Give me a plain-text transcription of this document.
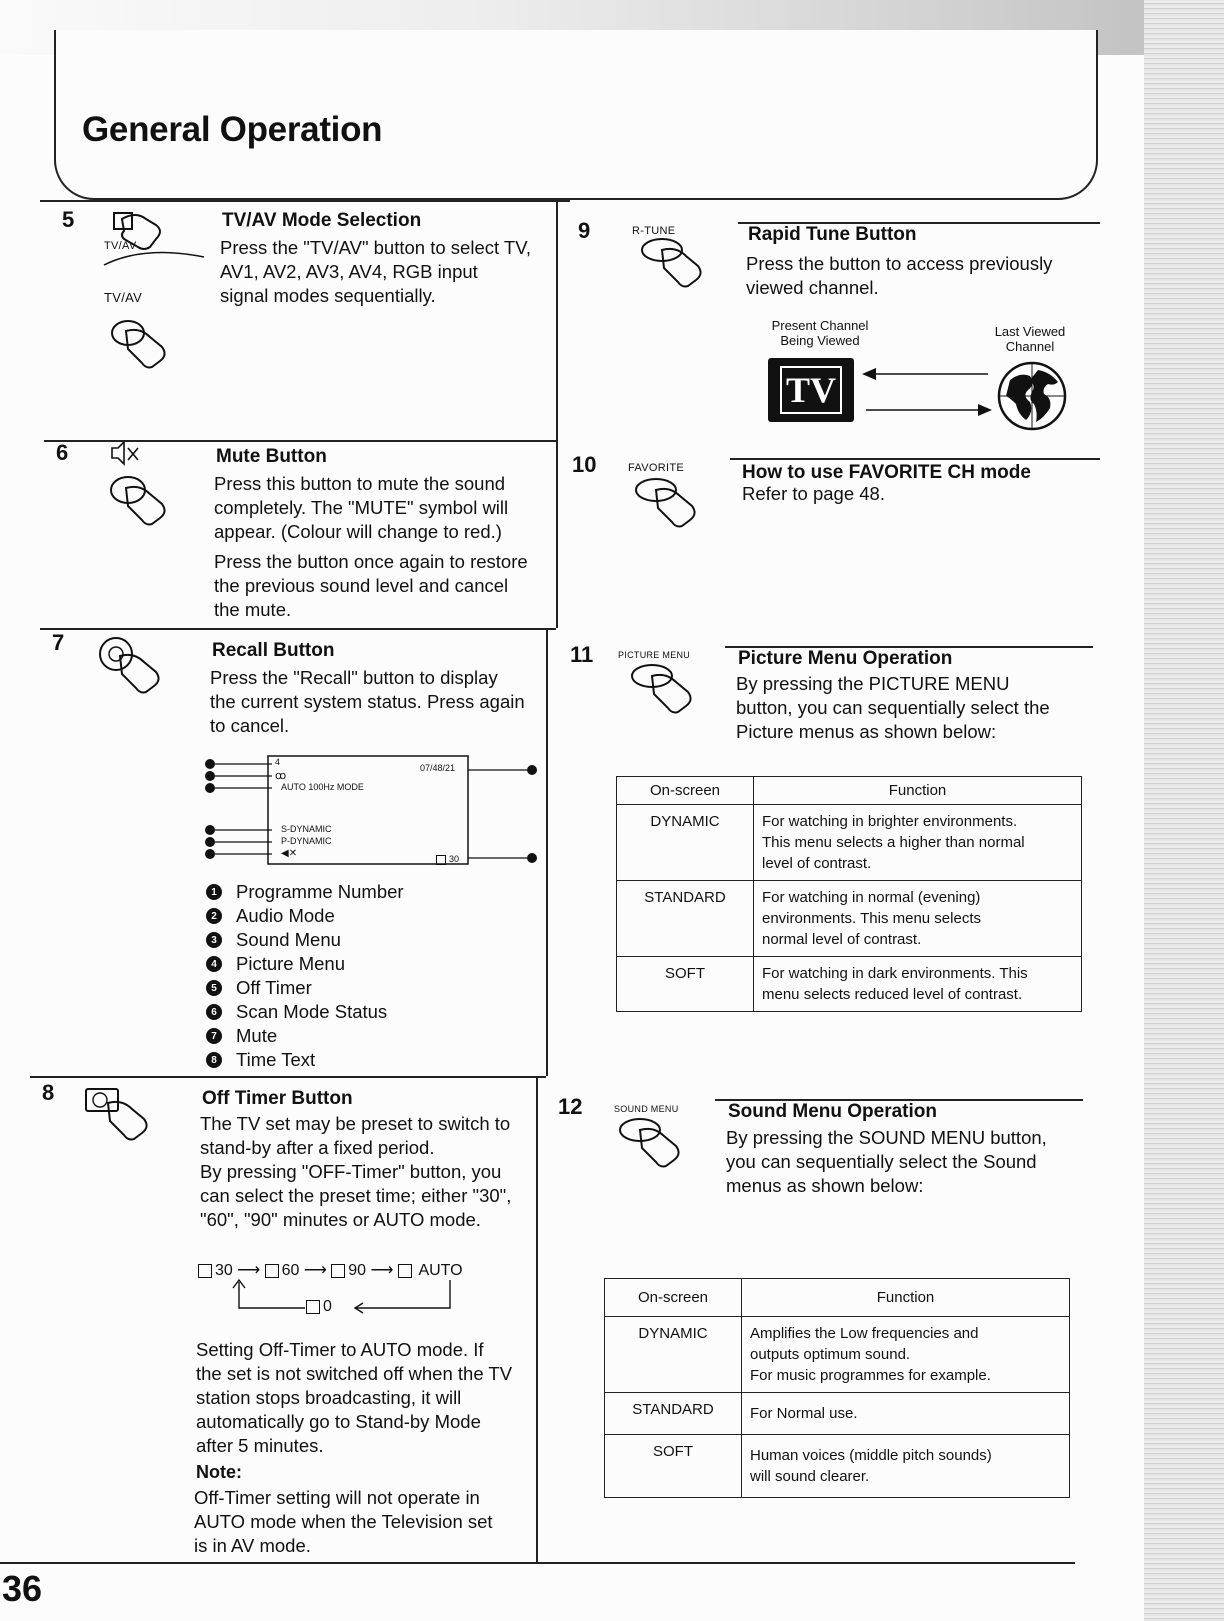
General Operation
5
TV/AV
TV/AV
TV/AV Mode Selection
Press the "TV/AV" button to select TV,
AV1, AV2, AV3, AV4, RGB input
signal modes sequentially.
6	Mute Button
Press this button to mute the sound
completely. The "MUTE" symbol will
appear. (Colour will change to red.)
Press the button once again to restore
the previous sound level and cancel
the mute.
7	Recall Button
Press the "Recall" button to display
the current system status. Press again
to cancel.
4
07/48/21
ꝏ
AUTO 100Hz MODE
S-DYNAMIC
P-DYNAMIC
◀✕	30
1 Programme Number
2 Audio Mode
3 Sound Menu
4 Picture Menu
5 Off Timer
6 Scan Mode Status
7 Mute
8 Time Text
8	Off Timer Button
The TV set may be preset to switch to
stand-by after a fixed period.
By pressing "OFF-Timer" button, you
can select the preset time; either "30",
"60", "90" minutes or AUTO mode.
30 ⟶ 60 ⟶ 90 ⟶  AUTO
0
Setting Off-Timer to AUTO mode. If
the set is not switched off when the TV
station stops broadcasting, it will
automatically go to Stand-by Mode
after 5 minutes.
Note:
Off-Timer setting will not operate in
AUTO mode when the Television set
is in AV mode.
9	R-TUNE	Rapid Tune Button
Press the button to access previously
viewed channel.
Present Channel
Being Viewed
Last Viewed
Channel
TV
10	FAVORITE	How to use FAVORITE CH mode
Refer to page 48.
11	PICTURE MENU	Picture Menu Operation
By pressing the PICTURE MENU
button, you can sequentially select the
Picture menus as shown below:
On-screen	Function
DYNAMIC	For watching in brighter environments.
This menu selects a higher than normal
level of contrast.

STANDARD	For watching in normal (evening)
environments. This menu selects
normal level of contrast.

SOFT	For watching in dark environments. This
menu selects reduced level of contrast.
12	SOUND MENU	Sound Menu Operation
By pressing the SOUND MENU button,
you can sequentially select the Sound
menus as shown below:
On-screen	Function
DYNAMIC	Amplifies the Low frequencies and
outputs optimum sound.
For music programmes for example.

STANDARD	For Normal use.

SOFT	Human voices (middle pitch sounds)
will sound clearer.
36
